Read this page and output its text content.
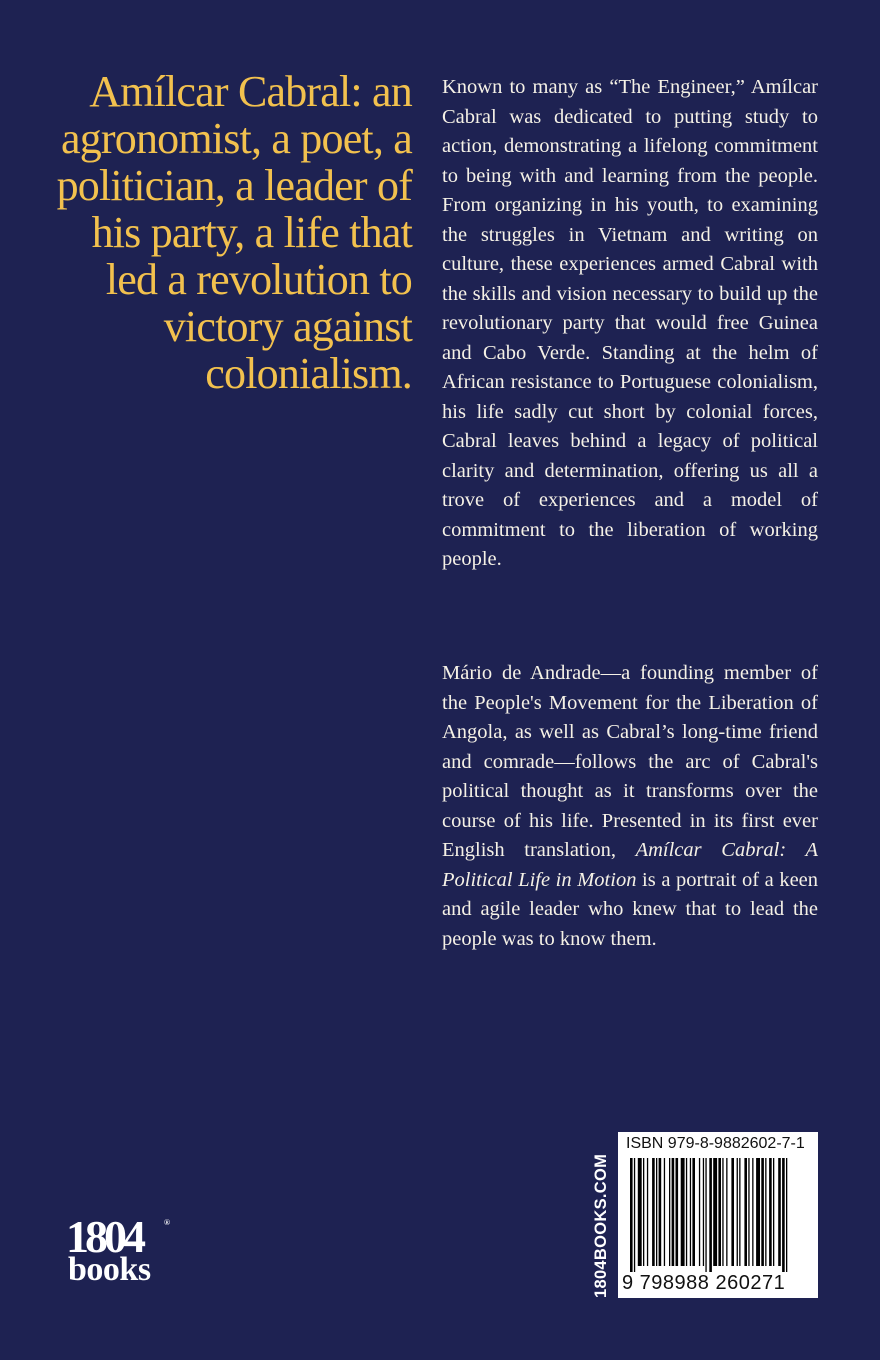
Amílcar Cabral: an agronomist, a poet, a politician, a leader of his party, a life that led a revolution to victory against colonialism.

Known to many as “The Engineer,” Amílcar Cabral was dedicated to putting study to action, demonstrating a lifelong commitment to being with and learning from the people. From organizing in his youth, to examining the struggles in Vietnam and writing on culture, these experiences armed Cabral with the skills and vision necessary to build up the revolutionary party that would free Guinea and Cabo Verde. Standing at the helm of African resistance to Portuguese colonialism, his life sadly cut short by colonial forces, Cabral leaves behind a legacy of political clarity and determination, offering us all a trove of experiences and a model of commitment to the liberation of working people.

Mário de Andrade—a founding member of the People's Movement for the Liberation of Angola, as well as Cabral’s long-time friend and comrade—follows the arc of Cabral's political thought as it transforms over the course of his life. Presented in its first ever English translation, Amílcar Cabral: A Political Life in Motion is a portrait of a keen and agile leader who knew that to lead the people was to know them.

1804BOOKS.COM
ISBN 979-8-9882602-7-1
9 798988 260271
1804
books
®
